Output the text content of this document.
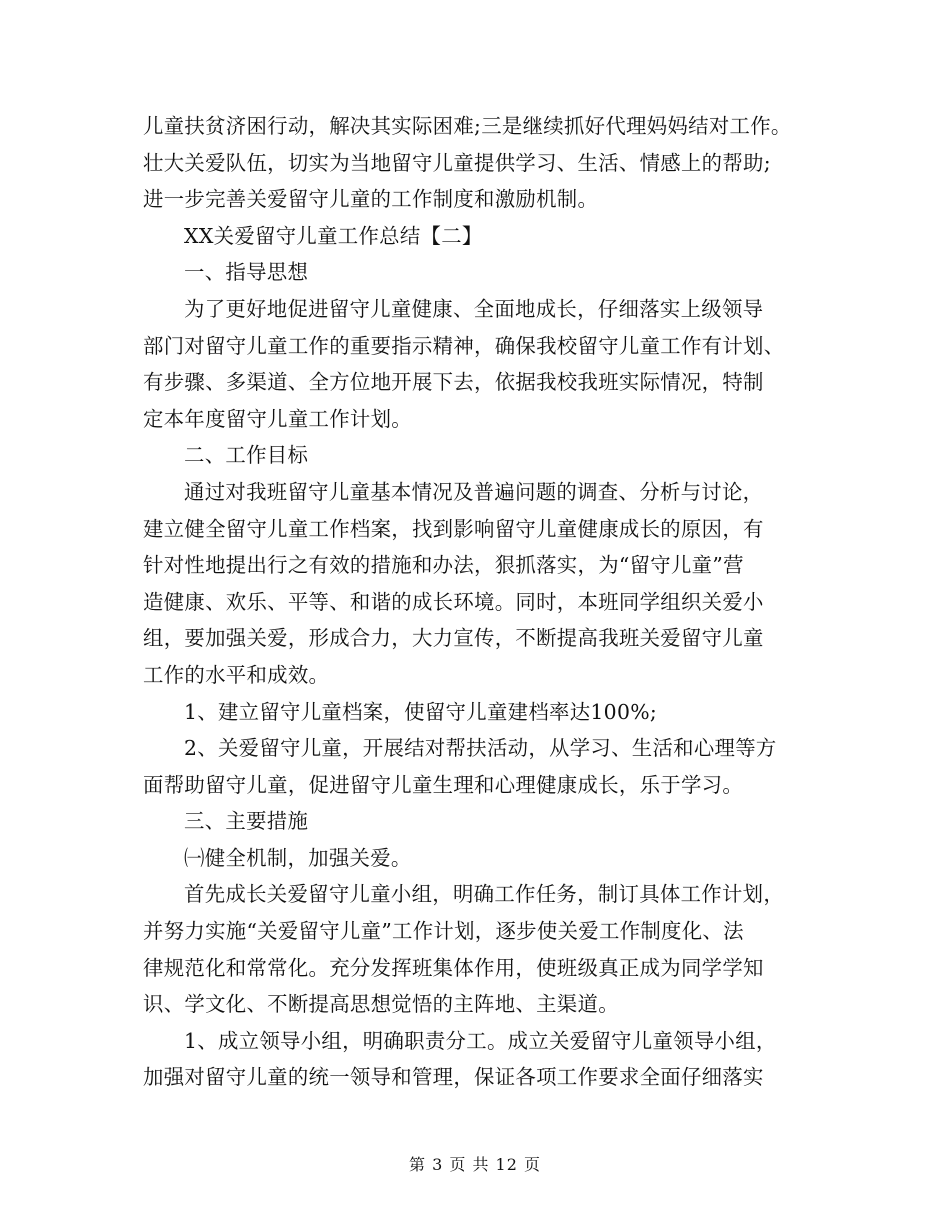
儿童扶贫济困行动，解决其实际困难;三是继续抓好代理妈妈结对工作。
壮大关爱队伍，切实为当地留守儿童提供学习、生活、情感上的帮助;
进一步完善关爱留守儿童的工作制度和激励机制。
XX关爱留守儿童工作总结【二】
一、指导思想
为了更好地促进留守儿童健康、全面地成长，仔细落实上级领导
部门对留守儿童工作的重要指示精神，确保我校留守儿童工作有计划、
有步骤、多渠道、全方位地开展下去，依据我校我班实际情况，特制
定本年度留守儿童工作计划。
二、工作目标
通过对我班留守儿童基本情况及普遍问题的调查、分析与讨论，
建立健全留守儿童工作档案，找到影响留守儿童健康成长的原因，有
针对性地提出行之有效的措施和办法，狠抓落实，为“留守儿童”营
造健康、欢乐、平等、和谐的成长环境。同时，本班同学组织关爱小
组，要加强关爱，形成合力，大力宣传，不断提高我班关爱留守儿童
工作的水平和成效。
1、建立留守儿童档案，使留守儿童建档率达100%;
2、关爱留守儿童，开展结对帮扶活动，从学习、生活和心理等方
面帮助留守儿童，促进留守儿童生理和心理健康成长，乐于学习。
三、主要措施
㈠健全机制，加强关爱。
首先成长关爱留守儿童小组，明确工作任务，制订具体工作计划，
并努力实施“关爱留守儿童”工作计划，逐步使关爱工作制度化、法
律规范化和常常化。充分发挥班集体作用，使班级真正成为同学学知
识、学文化、不断提高思想觉悟的主阵地、主渠道。
1、成立领导小组，明确职责分工。成立关爱留守儿童领导小组，
加强对留守儿童的统一领导和管理，保证各项工作要求全面仔细落实
第 3 页 共 12 页
